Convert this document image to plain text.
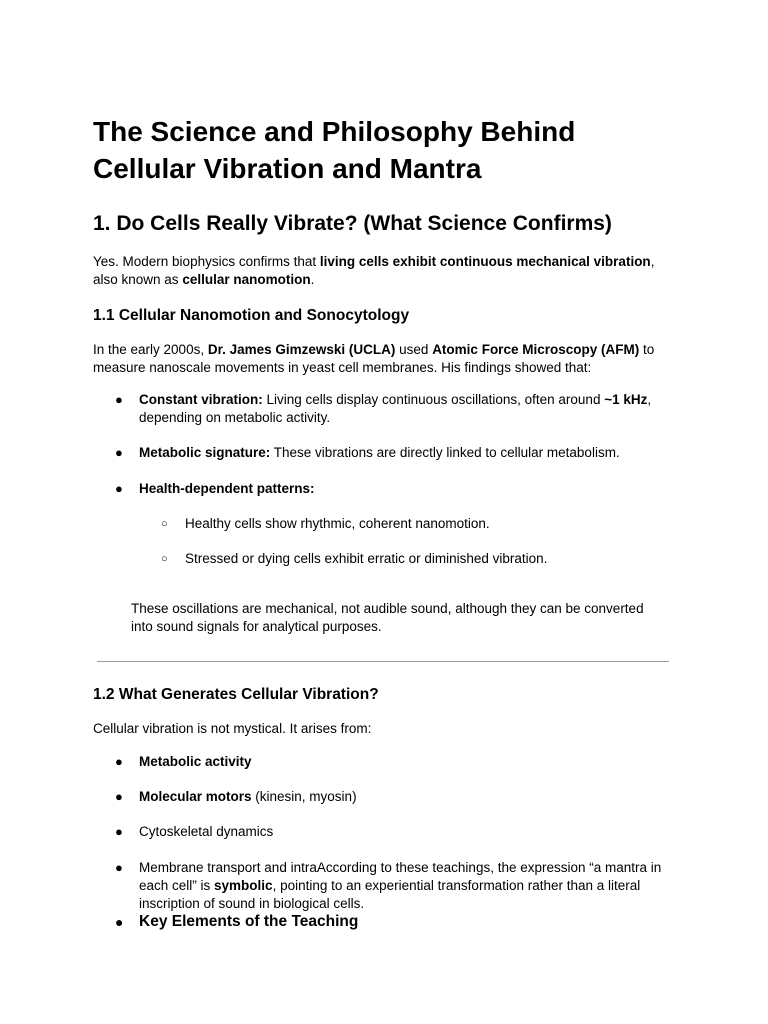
The Science and Philosophy Behind Cellular Vibration and Mantra
1. Do Cells Really Vibrate? (What Science Confirms)

Yes. Modern biophysics confirms that living cells exhibit continuous mechanical vibration, also known as cellular nanomotion.

1.1 Cellular Nanomotion and Sonocytology

In the early 2000s, Dr. James Gimzewski (UCLA) used Atomic Force Microscopy (AFM) to measure nanoscale movements in yeast cell membranes. His findings showed that:

● Constant vibration: Living cells display continuous oscillations, often around ~1 kHz, depending on metabolic activity.
● Metabolic signature: These vibrations are directly linked to cellular metabolism.
● Health-dependent patterns:
○ Healthy cells show rhythmic, coherent nanomotion.
○ Stressed or dying cells exhibit erratic or diminished vibration.

These oscillations are mechanical, not audible sound, although they can be converted into sound signals for analytical purposes.

1.2 What Generates Cellular Vibration?

Cellular vibration is not mystical. It arises from:

● Metabolic activity
● Molecular motors (kinesin, myosin)
● Cytoskeletal dynamics
● Membrane transport and intraAccording to these teachings, the expression “a mantra in each cell” is symbolic, pointing to an experiential transformation rather than a literal inscription of sound in biological cells.
● Key Elements of the Teaching
